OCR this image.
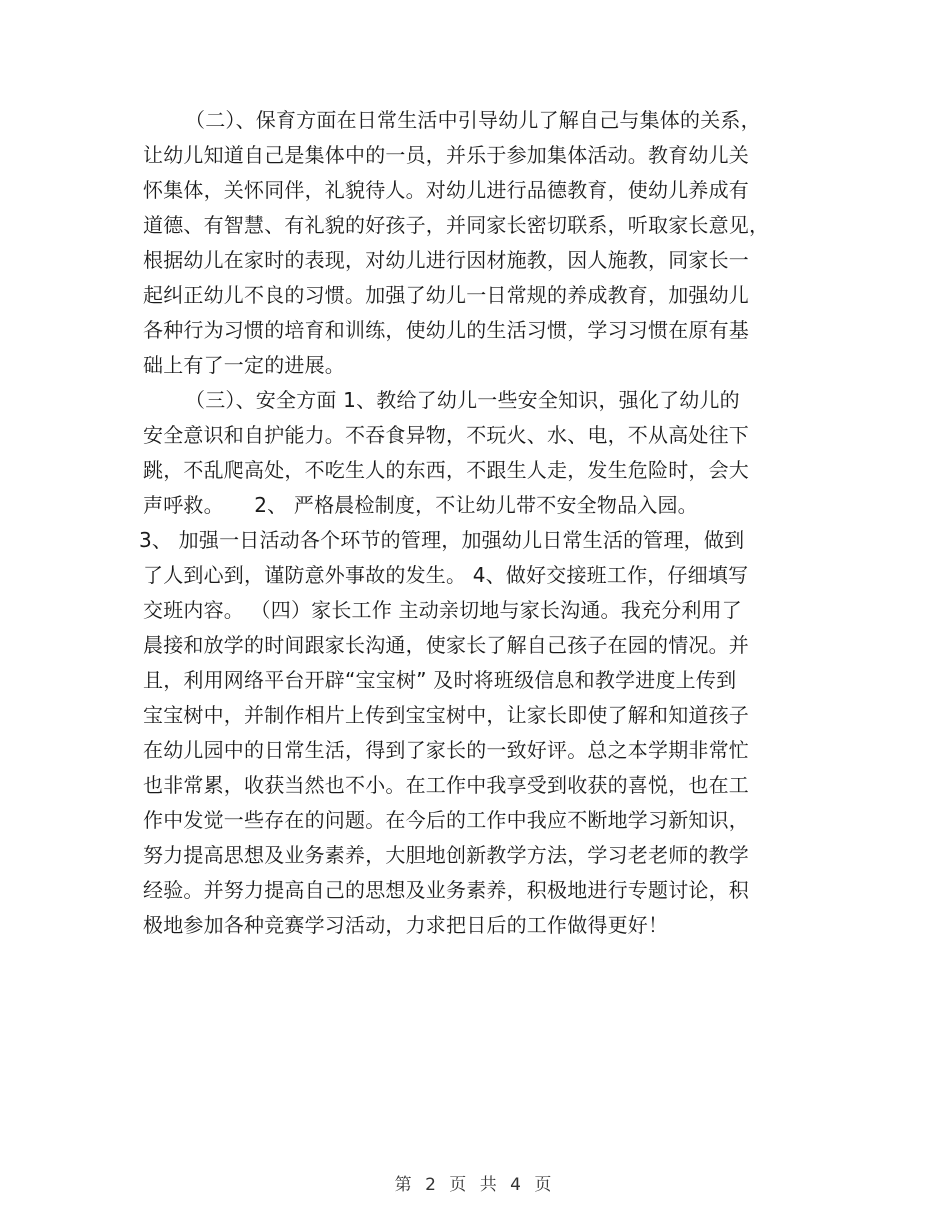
（二）、保育方面在日常生活中引导幼儿了解自己与集体的关系，
让幼儿知道自己是集体中的一员，并乐于参加集体活动。教育幼儿关
怀集体，关怀同伴，礼貌待人。对幼儿进行品德教育，使幼儿养成有
道德、有智慧、有礼貌的好孩子，并同家长密切联系，听取家长意见，
根据幼儿在家时的表现，对幼儿进行因材施教，因人施教，同家长一
起纠正幼儿不良的习惯。加强了幼儿一日常规的养成教育，加强幼儿
各种行为习惯的培育和训练，使幼儿的生活习惯，学习习惯在原有基
础上有了一定的进展。
（三）、安全方面 1、教给了幼儿一些安全知识，强化了幼儿的
安全意识和自护能力。不吞食异物，不玩火、水、电，不从高处往下
跳，不乱爬高处，不吃生人的东西，不跟生人走，发生危险时，会大
声呼救。　　2、 严格晨检制度，不让幼儿带不安全物品入园。
3、 加强一日活动各个环节的管理，加强幼儿日常生活的管理，做到
了人到心到，谨防意外事故的发生。 4、做好交接班工作，仔细填写
交班内容。 （四）家长工作 主动亲切地与家长沟通。我充分利用了
晨接和放学的时间跟家长沟通，使家长了解自己孩子在园的情况。并
且，利用网络平台开辟“宝宝树” 及时将班级信息和教学进度上传到
宝宝树中，并制作相片上传到宝宝树中，让家长即使了解和知道孩子
在幼儿园中的日常生活，得到了家长的一致好评。总之本学期非常忙
也非常累，收获当然也不小。在工作中我享受到收获的喜悦，也在工
作中发觉一些存在的问题。在今后的工作中我应不断地学习新知识，
努力提高思想及业务素养，大胆地创新教学方法，学习老老师的教学
经验。并努力提高自己的思想及业务素养，积极地进行专题讨论，积
极地参加各种竞赛学习活动，力求把日后的工作做得更好！
第 2 页 共 4 页
